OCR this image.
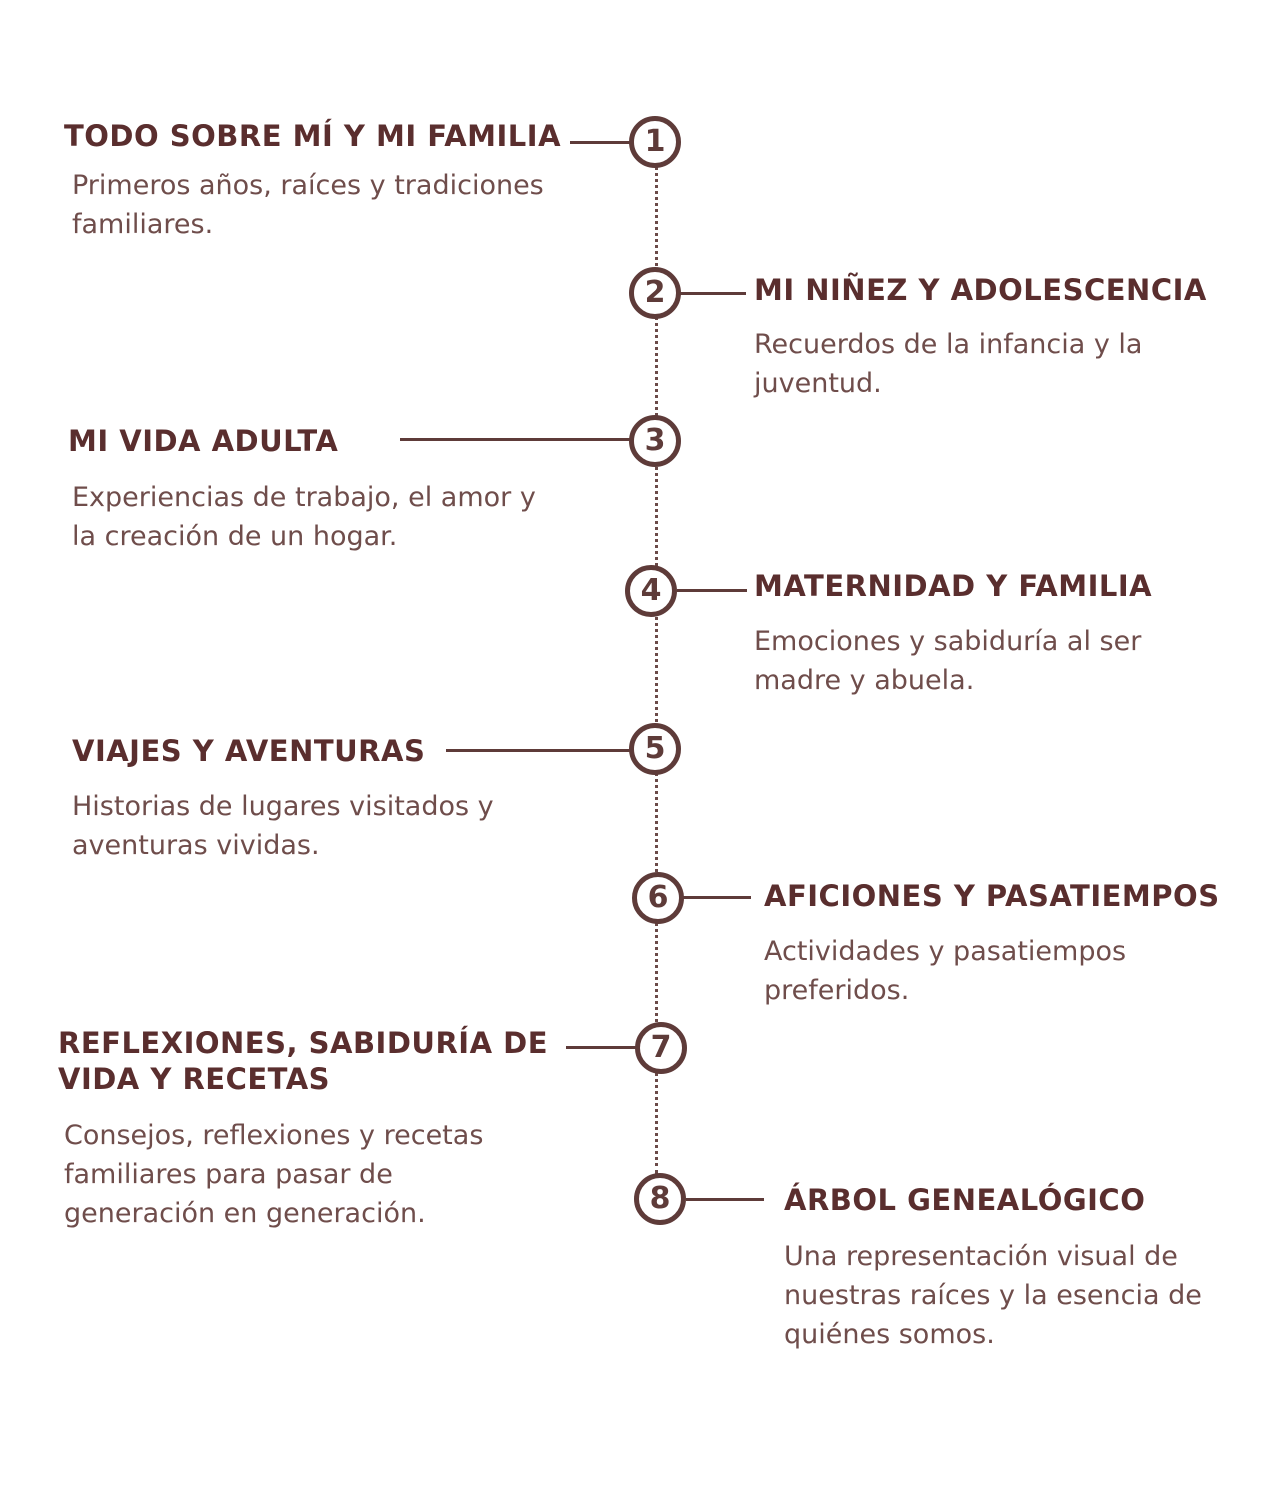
1
TODO SOBRE MÍ Y MI FAMILIA

Primeros años, raíces y tradiciones familiares.

2	MI NIÑEZ Y ADOLESCENCIA

Recuerdos de la infancia y la juventud.

3
MI VIDA ADULTA

Experiencias de trabajo, el amor y la creación de un hogar.

4	MATERNIDAD Y FAMILIA

Emociones y sabiduría al ser madre y abuela.

5
VIAJES Y AVENTURAS

Historias de lugares visitados y aventuras vividas.

6	AFICIONES Y PASATIEMPOS

Actividades y pasatiempos preferidos.

7
REFLEXIONES, SABIDURÍA DE VIDA Y RECETAS

Consejos, reflexiones y recetas familiares para pasar de generación en generación.	8	ÁRBOL GENEALÓGICO

Una representación visual de nuestras raíces y la esencia de quiénes somos.
